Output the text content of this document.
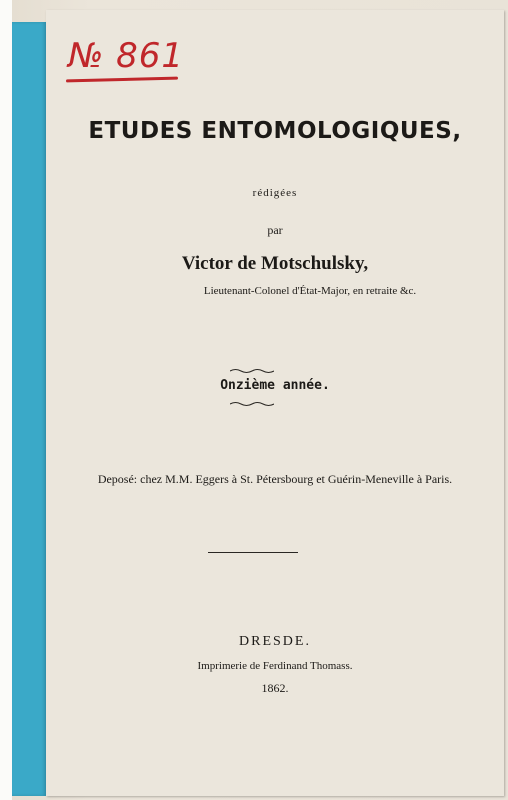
№ 861
ETUDES ENTOMOLOGIQUES,
rédigées
par
Victor de Motschulsky,
Lieutenant-Colonel d'État-Major, en retraite &c.
Onzième année.
Deposé: chez M.M. Eggers à St. Pétersbourg et Guérin-Meneville à Paris.
DRESDE.
Imprimerie de Ferdinand Thomass.
1862.
